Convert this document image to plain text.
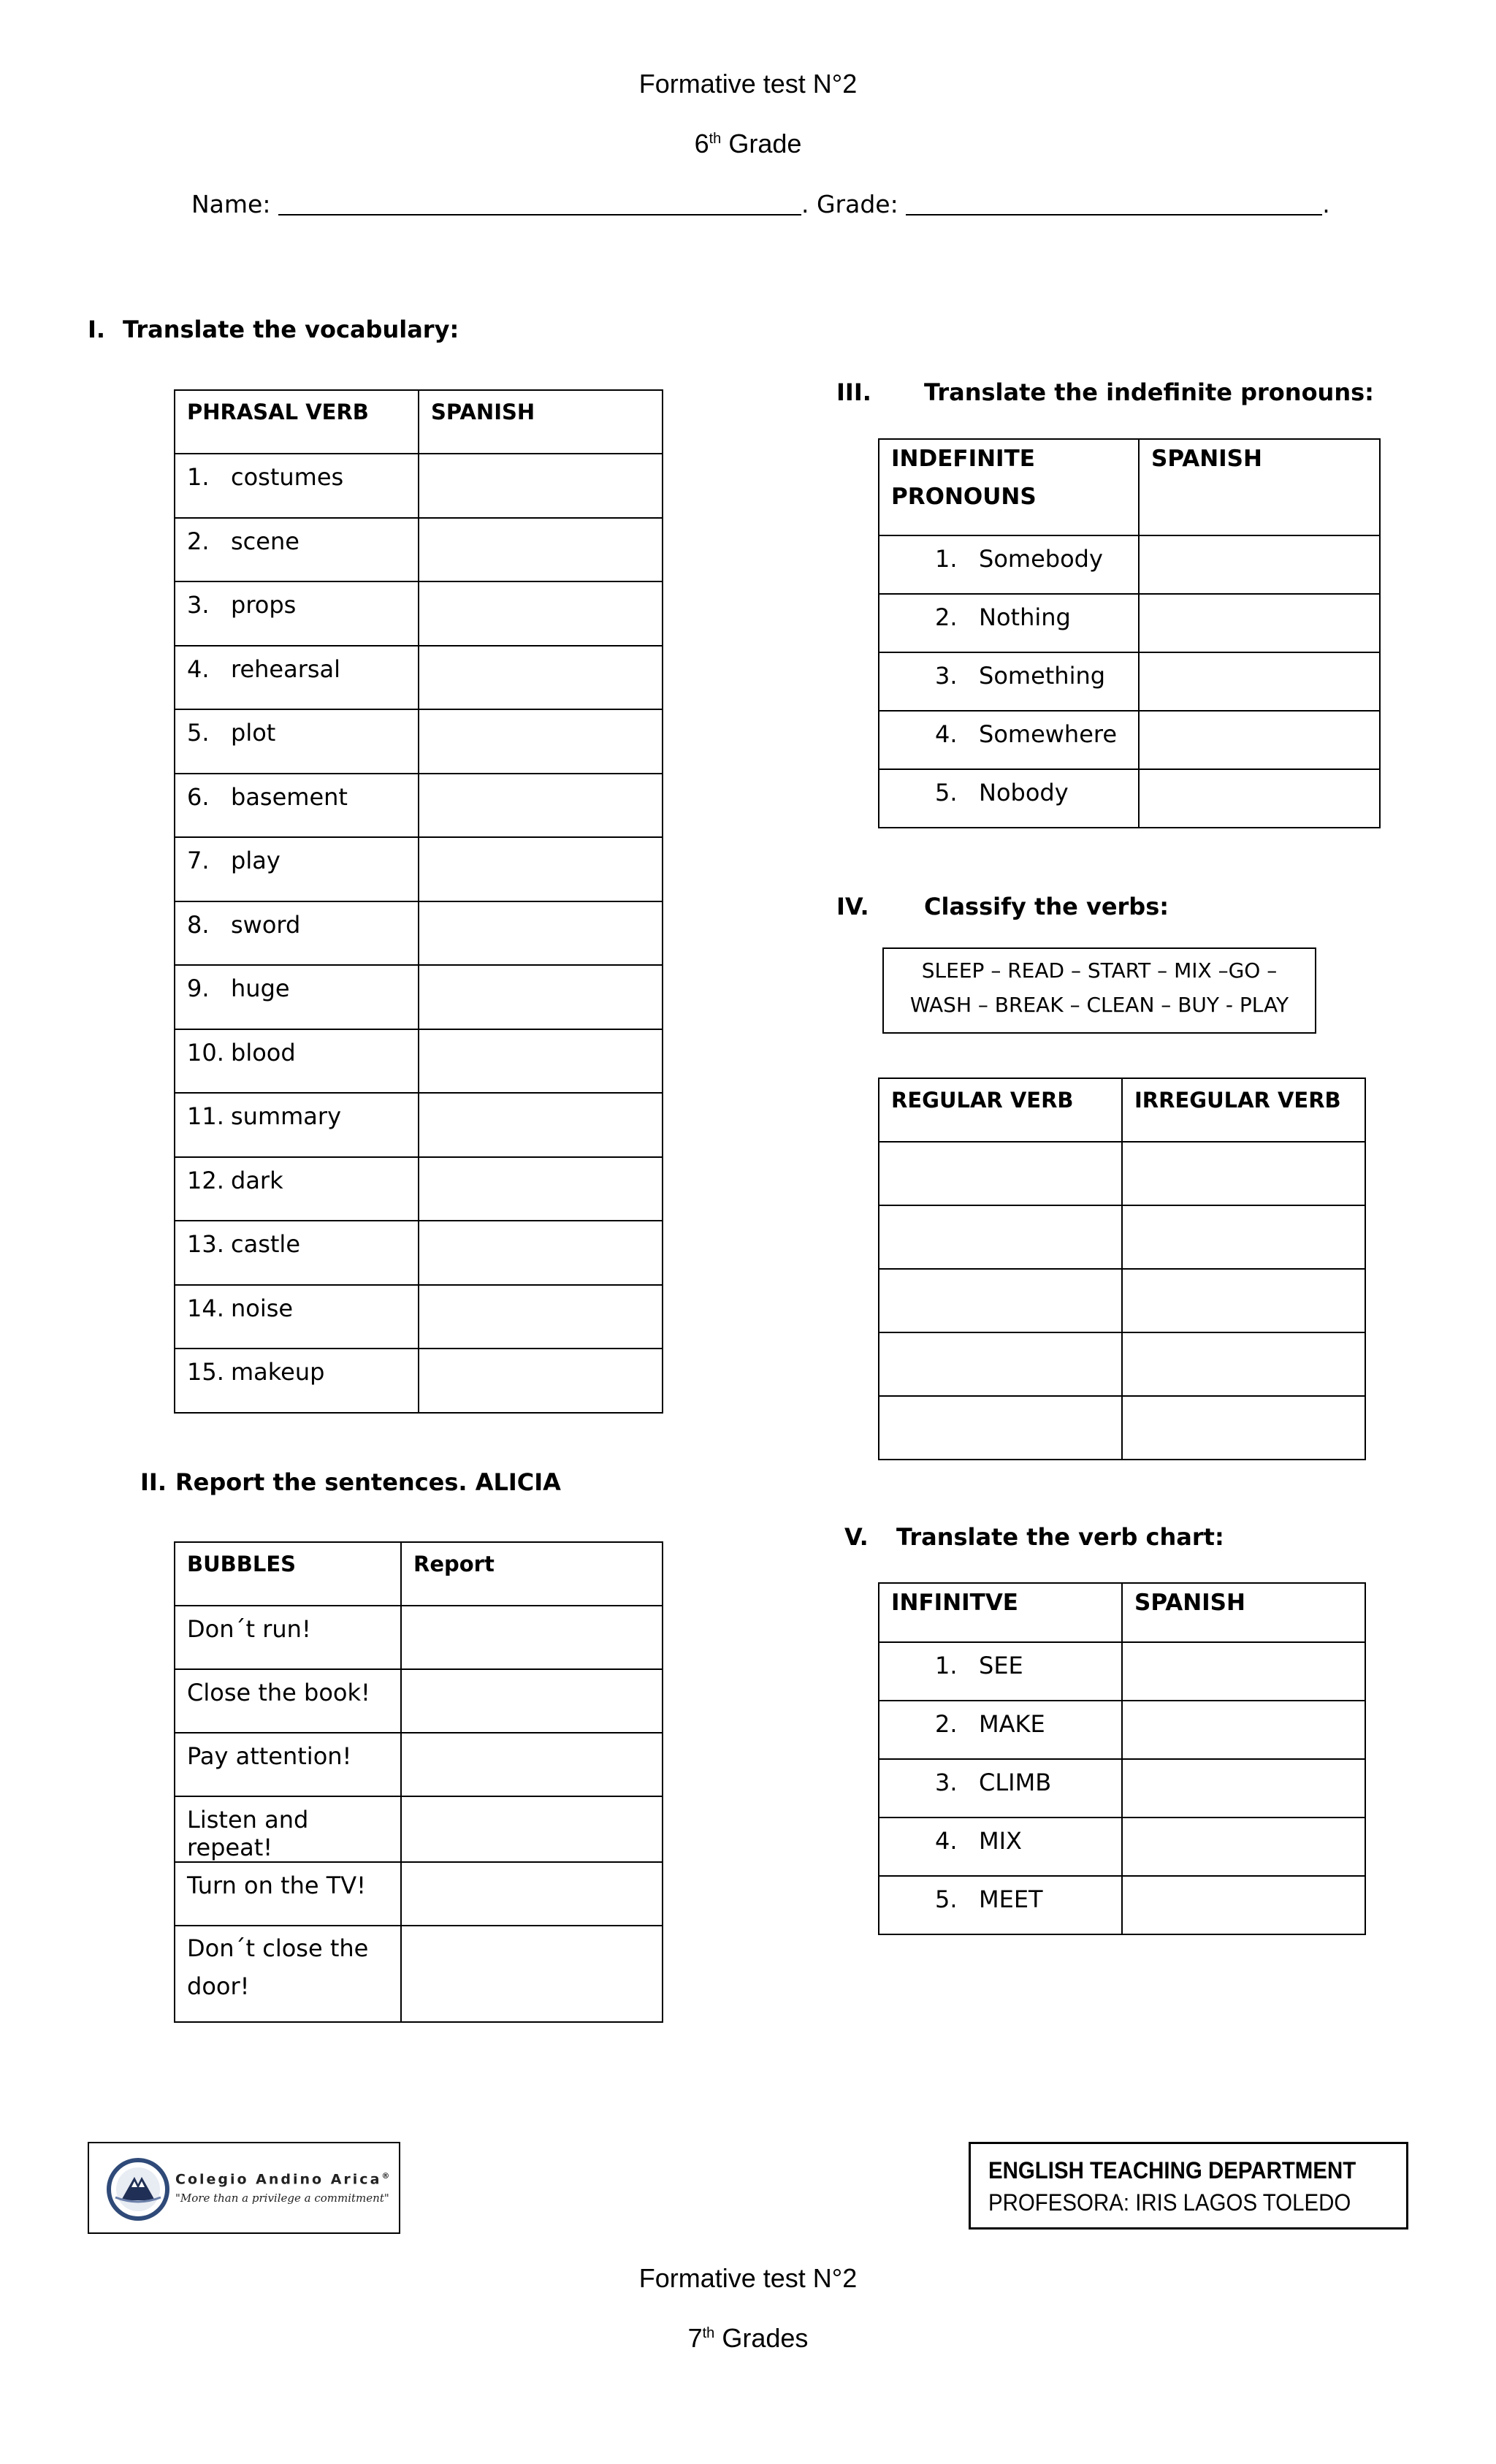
Formative test N°2
6th Grade
Name:	. Grade:	.
I. Translate the vocabulary:
PHRASAL VERB	SPANISH
1. costumes	
2. scene	
3. props	
4. rehearsal	
5. plot	
6. basement	
7. play	
8. sword	
9. huge	
10. blood	
11. summary	
12. dark	
13. castle	
14. noise	
15. makeup	
II. Report the sentences. ALICIA
BUBBLES	Report
Don´t run!	
Close the book!	
Pay attention!	
Listen and repeat!	
Turn on the TV!	
Don´t close the door!	
III. Translate the indefinite pronouns:
INDEFINITE PRONOUNS	SPANISH
1. Somebody	
2. Nothing	
3. Something	
4. Somewhere	
5. Nobody	
IV. Classify the verbs:
SLEEP – READ – START – MIX –GO –
WASH – BREAK – CLEAN – BUY - PLAY
REGULAR VERB	IRREGULAR VERB

V. Translate the verb chart:
INFINITVE	SPANISH
1. SEE	
2. MAKE	
3. CLIMB	
4. MIX	
5. MEET	
Colegio Andino Arica®
"More than a privilege a commitment"
ENGLISH TEACHING DEPARTMENT
PROFESORA: IRIS LAGOS TOLEDO
Formative test N°2
7th Grades
